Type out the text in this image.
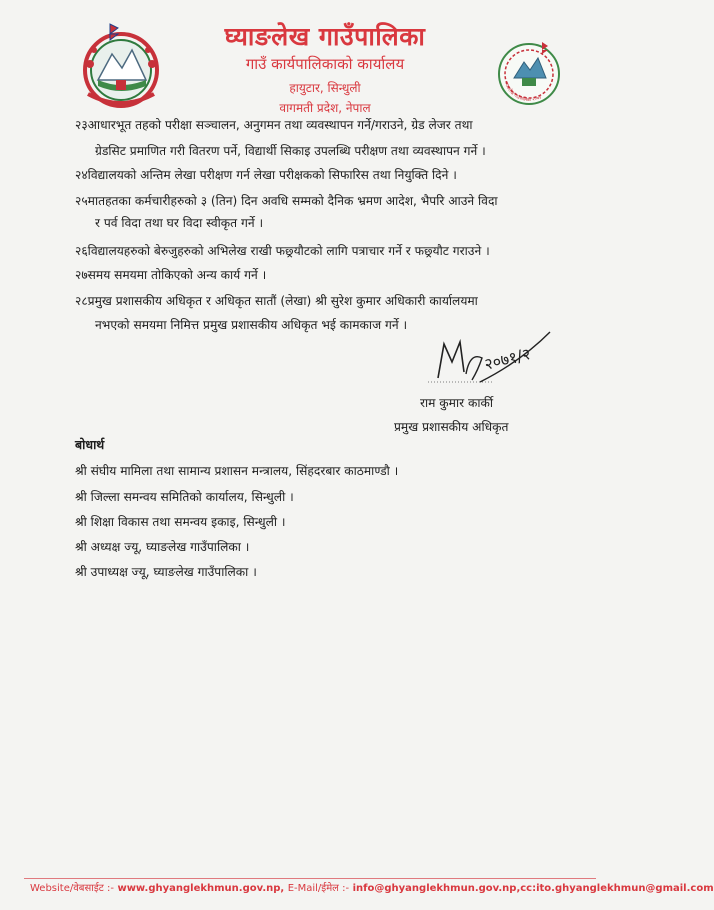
घ्याङलेख गाउँपालिका
गाउँ कार्यपालिकाको कार्यालय
हायुटार, सिन्धुली
वागमती प्रदेश, नेपाल
घ्याङलेख गाउँपालिका २०७३
२३आधारभूत तहको परीक्षा सञ्चालन, अनुगमन तथा व्यवस्थापन गर्ने/गराउने, ग्रेड लेजर तथा
ग्रेडसिट प्रमाणित गरी वितरण पर्ने, विद्यार्थी सिकाइ उपलब्धि परीक्षण तथा व्यवस्थापन गर्ने ।
२४विद्यालयको अन्तिम लेखा परीक्षण गर्न लेखा परीक्षकको सिफारिस तथा नियुक्ति दिने ।
२५मातहतका कर्मचारीहरुको ३ (तिन) दिन अवधि सम्मको दैनिक भ्रमण आदेश, भैपरि आउने विदा
र पर्व विदा तथा घर विदा स्वीकृत गर्ने ।
२६विद्यालयहरुको बेरुजुहरुको अभिलेख राखी फछ्र्यौटको लागि पत्राचार गर्ने र फछ्र्यौट गराउने ।
२७समय समयमा तोकिएको अन्य कार्य गर्ने ।
२८प्रमुख प्रशासकीय अधिकृत र अधिकृत सातौं (लेखा) श्री सुरेश कुमार अधिकारी कार्यालयमा
नभएको समयमा निमित्त प्रमुख प्रशासकीय अधिकृत भई कामकाज गर्ने ।
२०७१/२
राम कुमार कार्की
प्रमुख प्रशासकीय अधिकृत
बोधार्थ
श्री संघीय मामिला तथा सामान्य प्रशासन मन्त्रालय, सिंहदरबार काठमाण्डौ ।
श्री जिल्ला समन्वय समितिको कार्यालय, सिन्धुली ।
श्री शिक्षा विकास तथा समन्वय इकाइ, सिन्धुली ।
श्री अध्यक्ष ज्यू, घ्याङलेख गाउँपालिका ।
श्री उपाध्यक्ष ज्यू, घ्याङलेख गाउँपालिका ।
Website/वेबसाईट :- www.ghyanglekhmun.gov.np, E-Mail/ईमेल :- info@ghyanglekhmun.gov.np,cc:ito.ghyanglekhmun@gmail.com
